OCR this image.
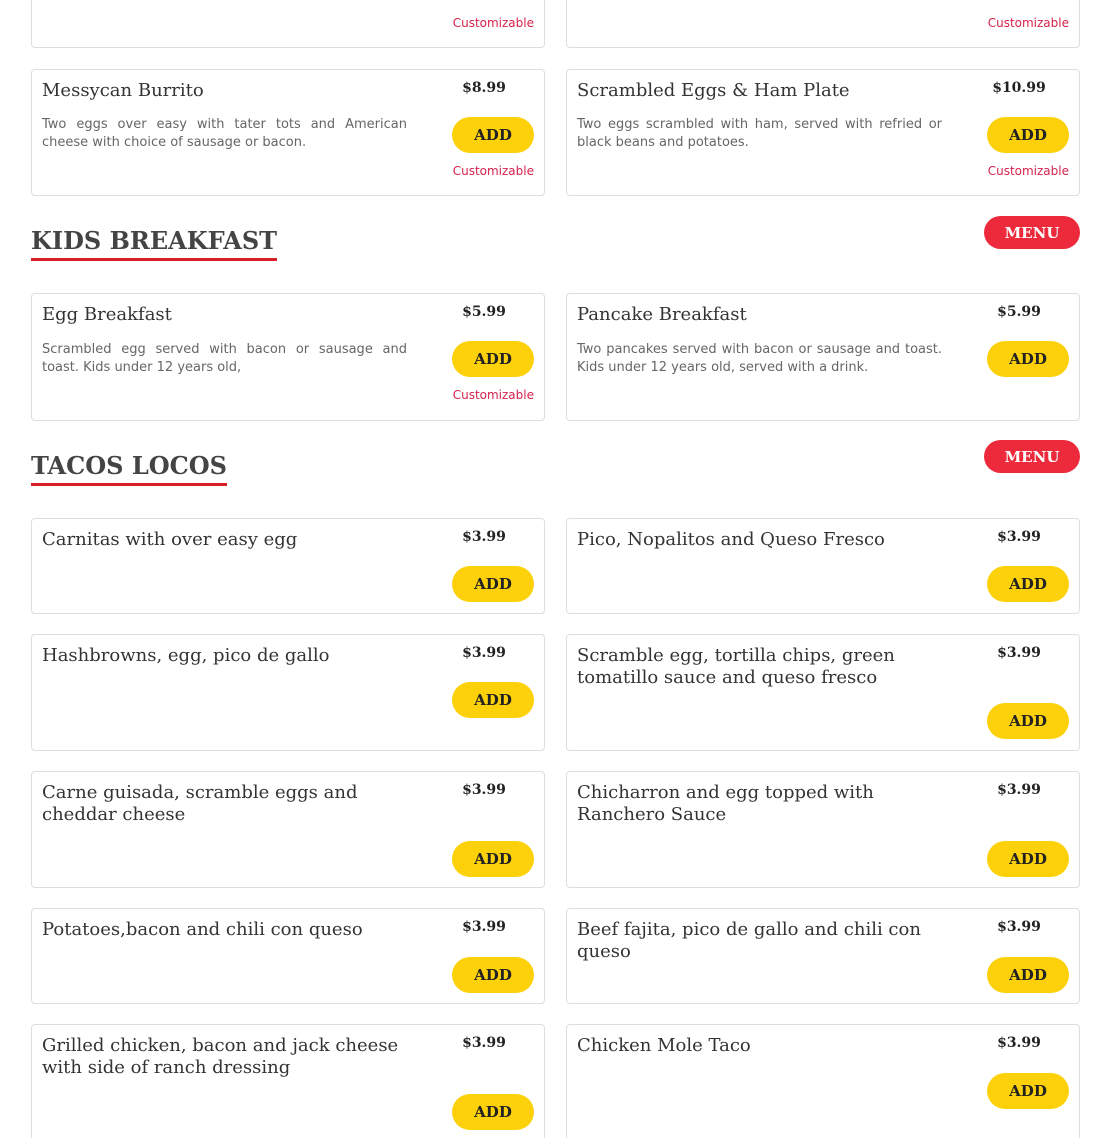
Customizable	Customizable
Messycan Burrito	$8.99
Two eggs over easy with tater tots and American cheese with choice of sausage or bacon.	ADD
Customizable
Scrambled Eggs & Ham Plate	$10.99
Two eggs scrambled with ham, served with refried or black beans and potatoes.	ADD
Customizable
KIDS BREAKFAST	MENU
Egg Breakfast	$5.99
Scrambled egg served with bacon or sausage and toast. Kids under 12 years old,	ADD
Customizable
Pancake Breakfast	$5.99
Two pancakes served with bacon or sausage and toast. Kids under 12 years old, served with a drink.	ADD
TACOS LOCOS	MENU
Carnitas with over easy egg	$3.99
ADD
Pico, Nopalitos and Queso Fresco	$3.99
ADD
Hashbrowns, egg, pico de gallo	$3.99
ADD
Scramble egg, tortilla chips, green tomatillo sauce and queso fresco
$3.99
ADD
Carne guisada, scramble eggs and cheddar cheese
$3.99
ADD
Chicharron and egg topped with Ranchero Sauce
$3.99
ADD
Potatoes,bacon and chili con queso	$3.99
ADD
Beef fajita, pico de gallo and chili con queso
$3.99
ADD
Grilled chicken, bacon and jack cheese with side of ranch dressing
$3.99
ADD
Chicken Mole Taco	$3.99
ADD
